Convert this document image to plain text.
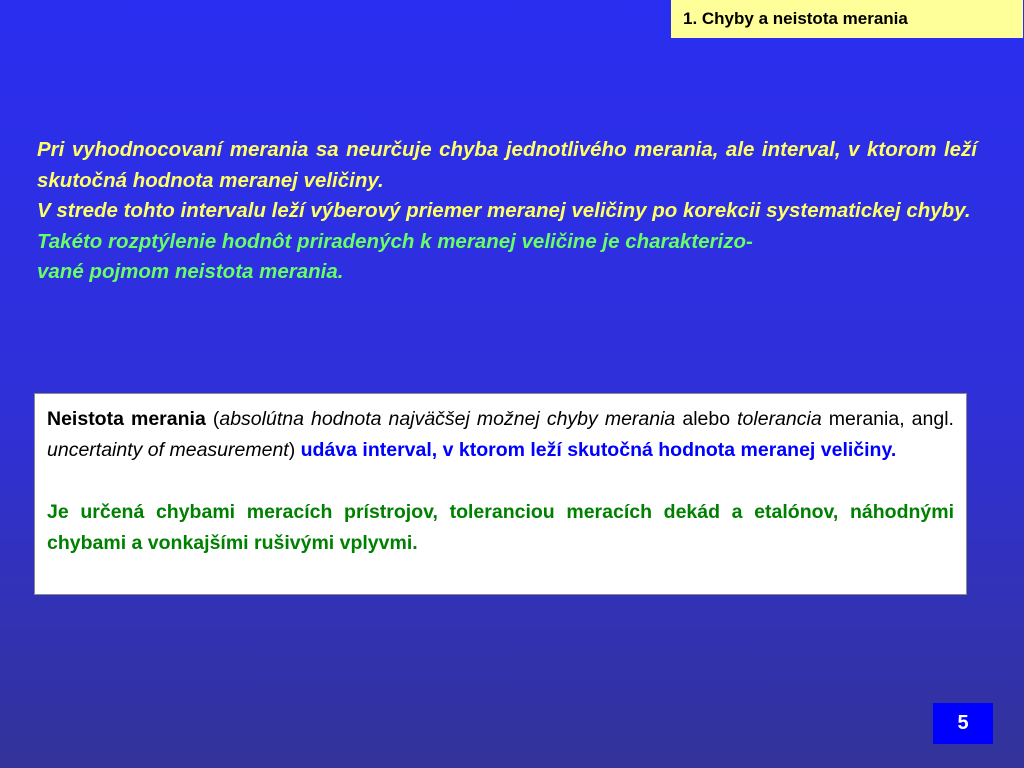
1. Chyby a neistota merania

Pri vyhodnocovaní merania sa neurčuje chyba jednotlivého merania, ale interval, v ktorom leží skutočná hodnota meranej veličiny.

V strede tohto intervalu leží výberový priemer meranej veličiny po korekcii systematickej chyby.

Takéto rozptýlenie hodnôt priradených k meranej veličine je charakterizo-
vané pojmom neistota merania.

Neistota merania (absolútna hodnota najväčšej možnej chyby merania alebo tolerancia merania, angl. uncertainty of measurement) udáva interval, v ktorom leží skutočná hodnota meranej veličiny.

Je určená chybami meracích prístrojov, toleranciou meracích dekád a etalónov, náhodnými chybami a vonkajšími rušivými vplyvmi.

5
